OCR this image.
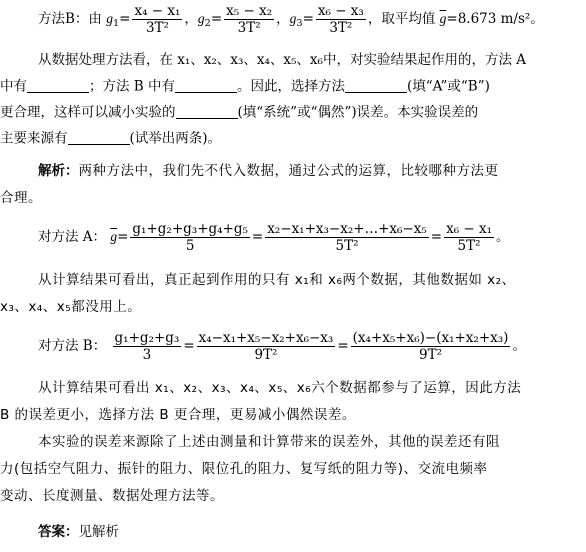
方法B：由 $g_1= \frac{\text{x₄ − x₁}}{\text{3T²}}$ ，$g_2= \frac{\text{x₅ − x₂}}{\text{3T²}}$ ，$g_3= \frac{\text{x₆ − x₃}}{\text{3T²}}$ ，取平均值 $\overline{g}=8.673$ m/s²。
从数据处理方法看，在 x₁、x₂、x₃、x₄、x₅、x₆中，对实验结果起作用的，方法 A
中有	；方法 B 中有	。因此，选择方法	(填“A”或“B”)
更合理，这样可以减小实验的	(填“系统”或“偶然”)误差。本实验误差的
主要来源有	(试举出两条)。
解析：两种方法中，我们先不代入数据，通过公式的运算，比较哪种方法更
合理。
对方法 A： $\overline{g}= \frac{\text{g₁+g₂+g₃+g₄+g₅}}{5} = \frac{\text{x₂−x₁+x₃−x₂+…+x₆−x₅}}{\text{5T²}} = \frac{\text{x₆ − x₁}}{\text{5T²}}$ 。
从计算结果可看出，真正起到作用的只有 x₁和 x₆两个数据，其他数据如 x₂、
x₃、x₄、x₅都没用上。
对方法 B： $\frac{\text{g₁+g₂+g₃}}{3} = \frac{\text{x₄−x₁+x₅−x₂+x₆−x₃}}{\text{9T²}} = \frac{\text{(x₄+x₅+x₆)−(x₁+x₂+x₃)}}{\text{9T²}}$ 。
从计算结果可看出 x₁、x₂、x₃、x₄、x₅、x₆六个数据都参与了运算，因此方法
B 的误差更小，选择方法 B 更合理，更易减小偶然误差。
本实验的误差来源除了上述由测量和计算带来的误差外，其他的误差还有阻
力(包括空气阻力、振针的阻力、限位孔的阻力、复写纸的阻力等)、交流电频率
变动、长度测量、数据处理方法等。
答案：见解析
